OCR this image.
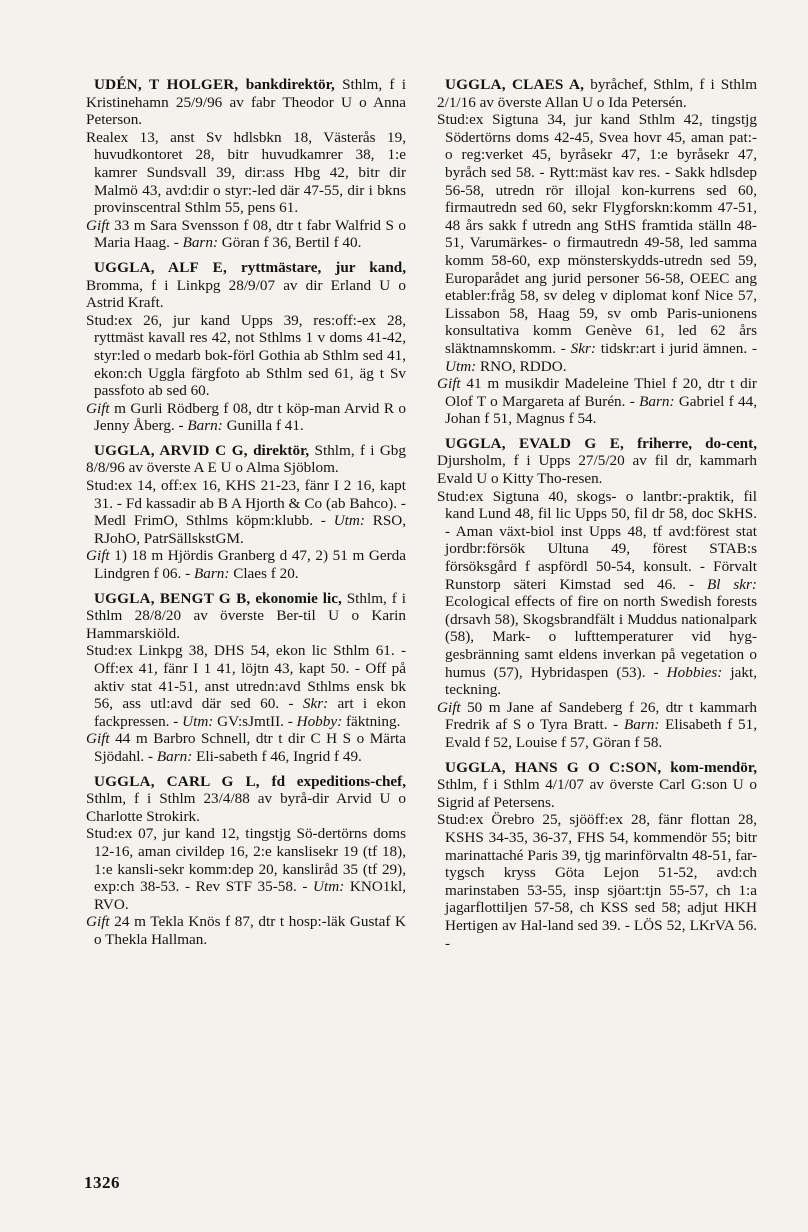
UDÉN, T HOLGER, bankdirektör, Sthlm, f i Kristinehamn 25/9/96 av fabr Theodor U o Anna Peterson.

Realex 13, anst Sv hdlsbkn 18, Västerås 19, huvudkontoret 28, bitr huvudkamrer 38, 1:e kamrer Sundsvall 39, dir:ass Hbg 42, bitr dir Malmö 43, avd:dir o styr:-led där 47-55, dir i bkns provinscentral Sthlm 55, pens 61.

Gift 33 m Sara Svensson f 08, dtr t fabr Walfrid S o Maria Haag. - Barn: Göran f 36, Bertil f 40.

UGGLA, ALF E, ryttmästare, jur kand, Bromma, f i Linkpg 28/9/07 av dir Erland U o Astrid Kraft.

Stud:ex 26, jur kand Upps 39, res:off:-ex 28, ryttmäst kavall res 42, not Sthlms 1 v doms 41-42, styr:led o medarb bok-förl Gothia ab Sthlm sed 41, ekon:ch Uggla färgfoto ab Sthlm sed 61, äg t Sv passfoto ab sed 60.

Gift m Gurli Rödberg f 08, dtr t köp-man Arvid R o Jenny Åberg. - Barn: Gunilla f 41.

UGGLA, ARVID C G, direktör, Sthlm, f i Gbg 8/8/96 av överste A E U o Alma Sjöblom.

Stud:ex 14, off:ex 16, KHS 21-23, fänr I 2 16, kapt 31. - Fd kassadir ab B A Hjorth & Co (ab Bahco). - Medl FrimO, Sthlms köpm:klubb. - Utm: RSO, RJohO, PatrSällskstGM.

Gift 1) 18 m Hjördis Granberg d 47, 2) 51 m Gerda Lindgren f 06. - Barn: Claes f 20.

UGGLA, BENGT G B, ekonomie lic, Sthlm, f i Sthlm 28/8/20 av överste Ber-til U o Karin Hammarskiöld.

Stud:ex Linkpg 38, DHS 54, ekon lic Sthlm 61. - Off:ex 41, fänr I 1 41, löjtn 43, kapt 50. - Off på aktiv stat 41-51, anst utredn:avd Sthlms ensk bk 56, ass utl:avd där sed 60. - Skr: art i ekon fackpressen. - Utm: GV:sJmtII. - Hobby: fäktning.

Gift 44 m Barbro Schnell, dtr t dir C H S o Märta Sjödahl. - Barn: Eli-sabeth f 46, Ingrid f 49.

UGGLA, CARL G L, fd expeditions-chef, Sthlm, f i Sthlm 23/4/88 av byrå-dir Arvid U o Charlotte Strokirk.

Stud:ex 07, jur kand 12, tingstjg Sö-dertörns doms 12-16, aman civildep 16, 2:e kanslisekr 19 (tf 18), 1:e kansli-sekr komm:dep 20, kansliråd 35 (tf 29), exp:ch 38-53. - Rev STF 35-58. - Utm: KNO1kl, RVO.

Gift 24 m Tekla Knös f 87, dtr t hosp:-läk Gustaf K o Thekla Hallman.

UGGLA, CLAES A, byråchef, Sthlm, f i Sthlm 2/1/16 av överste Allan U o Ida Petersén.

Stud:ex Sigtuna 34, jur kand Sthlm 42, tingstjg Södertörns doms 42-45, Svea hovr 45, aman pat:- o reg:verket 45, byråsekr 47, 1:e byråsekr 47, byråch sed 58. - Rytt:mäst kav res. - Sakk hdlsdep 56-58, utredn rör illojal kon-kurrens sed 60, firmautredn sed 60, sekr Flygforskn:komm 47-51, 48 års sakk f utredn ang StHS framtida ställn 48-51, Varumärkes- o firmautredn 49-58, led samma komm 58-60, exp mönsterskydds-utredn sed 59, Europarådet ang jurid personer 56-58, OEEC ang etabler:fråg 58, sv deleg v diplomat konf Nice 57, Lissabon 58, Haag 59, sv omb Paris-unionens konsultativa komm Genève 61, led 62 års släktnamnskomm. - Skr: tidskr:art i jurid ämnen. - Utm: RNO, RDDO.

Gift 41 m musikdir Madeleine Thiel f 20, dtr t dir Olof T o Margareta af Burén. - Barn: Gabriel f 44, Johan f 51, Magnus f 54.

UGGLA, EVALD G E, friherre, do-cent, Djursholm, f i Upps 27/5/20 av fil dr, kammarh Evald U o Kitty Tho-resen.

Stud:ex Sigtuna 40, skogs- o lantbr:-praktik, fil kand Lund 48, fil lic Upps 50, fil dr 58, doc SkHS. - Aman växt-biol inst Upps 48, tf avd:förest stat jordbr:försök Ultuna 49, förest STAB:s försöksgård f aspfördl 50-54, konsult. - Förvalt Runstorp säteri Kimstad sed 46. - Bl skr: Ecological effects of fire on north Swedish forests (drsavh 58), Skogsbrandfält i Muddus nationalpark (58), Mark- o lufttemperaturer vid hyg-gesbränning samt eldens inverkan på vegetation o humus (57), Hybridaspen (53). - Hobbies: jakt, teckning.

Gift 50 m Jane af Sandeberg f 26, dtr t kammarh Fredrik af S o Tyra Bratt. - Barn: Elisabeth f 51, Evald f 52, Louise f 57, Göran f 58.

UGGLA, HANS G O C:SON, kom-mendör, Sthlm, f i Sthlm 4/1/07 av överste Carl G:son U o Sigrid af Petersens.

Stud:ex Örebro 25, sjööff:ex 28, fänr flottan 28, KSHS 34-35, 36-37, FHS 54, kommendör 55; bitr marinattaché Paris 39, tjg marinförvaltn 48-51, far-tygsch kryss Göta Lejon 51-52, avd:ch marinstaben 53-55, insp sjöart:tjn 55-57, ch 1:a jagarflottiljen 57-58, ch KSS sed 58; adjut HKH Hertigen av Hal-land sed 39. - LÖS 52, LKrVA 56. -

1326
